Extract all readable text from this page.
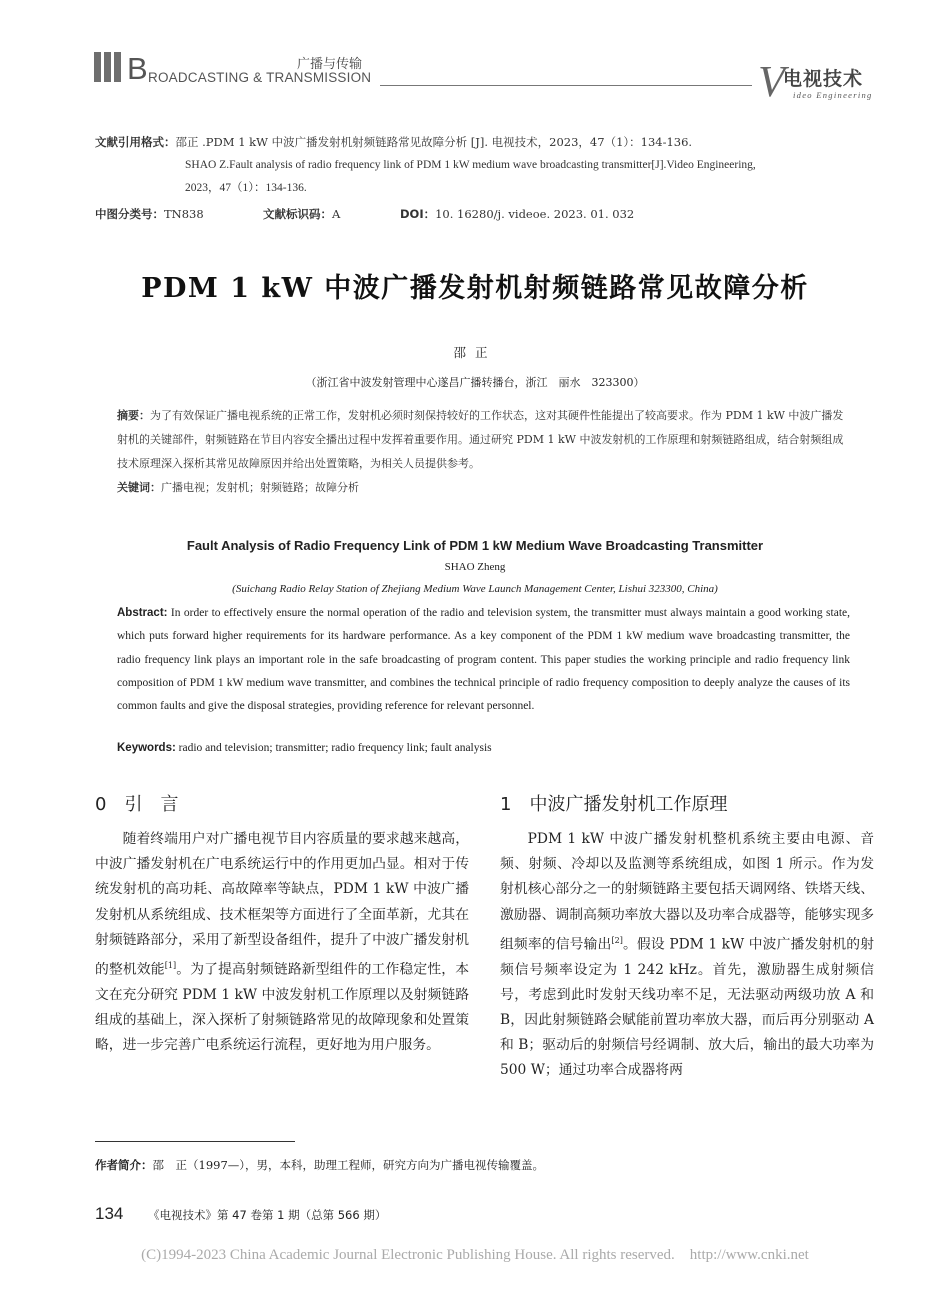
B ROADCASTING & TRANSMISSION
广播与传输	V
电视技术
ideo Engineering
文献引用格式：邵正 .PDM 1 kW 中波广播发射机射频链路常见故障分析 [J]. 电视技术，2023，47（1）：134-136.
SHAO Z.Fault analysis of radio frequency link of PDM 1 kW medium wave broadcasting transmitter[J].Video Engineering,
2023，47（1）：134-136.
中图分类号：TN838	文献标识码：A	DOI：10. 16280/j. videoe. 2023. 01. 032
PDM 1 kW 中波广播发射机射频链路常见故障分析
邵正
（浙江省中波发射管理中心遂昌广播转播台，浙江　丽水　323300）
摘要：为了有效保证广播电视系统的正常工作，发射机必须时刻保持较好的工作状态，这对其硬件性能提出了较高要求。作为 PDM 1 kW 中波广播发射机的关键部件，射频链路在节目内容安全播出过程中发挥着重要作用。通过研究 PDM 1 kW 中波发射机的工作原理和射频链路组成，结合射频组成技术原理深入探析其常见故障原因并给出处置策略，为相关人员提供参考。
关键词：广播电视；发射机；射频链路；故障分析
Fault Analysis of Radio Frequency Link of PDM 1 kW Medium Wave Broadcasting Transmitter
SHAO Zheng
(Suichang Radio Relay Station of Zhejiang Medium Wave Launch Management Center, Lishui 323300, China)
Abstract: In order to effectively ensure the normal operation of the radio and television system, the transmitter must always maintain a good working state, which puts forward higher requirements for its hardware performance. As a key component of the PDM 1 kW medium wave broadcasting transmitter, the radio frequency link plays an important role in the safe broadcasting of program content. This paper studies the working principle and radio frequency link composition of PDM 1 kW medium wave transmitter, and combines the technical principle of radio frequency composition to deeply analyze the causes of its common faults and give the disposal strategies, providing reference for relevant personnel.
Keywords: radio and television; transmitter; radio frequency link; fault analysis
0　引　言

随着终端用户对广播电视节目内容质量的要求越来越高，中波广播发射机在广电系统运行中的作用更加凸显。相对于传统发射机的高功耗、高故障率等缺点，PDM 1 kW 中波广播发射机从系统组成、技术框架等方面进行了全面革新，尤其在射频链路部分，采用了新型设备组件，提升了中波广播发射机的整机效能[1]。为了提高射频链路新型组件的工作稳定性，本文在充分研究 PDM 1 kW 中波发射机工作原理以及射频链路组成的基础上，深入探析了射频链路常见的故障现象和处置策略，进一步完善广电系统运行流程，更好地为用户服务。

1　中波广播发射机工作原理

PDM 1 kW 中波广播发射机整机系统主要由电源、音频、射频、冷却以及监测等系统组成，如图 1 所示。作为发射机核心部分之一的射频链路主要包括天调网络、铁塔天线、激励器、调制高频功率放大器以及功率合成器等，能够实现多组频率的信号输出[2]。假设 PDM 1 kW 中波广播发射机的射频信号频率设定为 1 242 kHz。首先，激励器生成射频信号，考虑到此时发射天线功率不足，无法驱动两级功放 A 和 B，因此射频链路会赋能前置功率放大器，而后再分别驱动 A 和 B；驱动后的射频信号经调制、放大后，输出的最大功率为 500 W；通过功率合成器将两

作者简介：邵　正（1997—），男，本科，助理工程师，研究方向为广播电视传输覆盖。
134 《电视技术》第 47 卷第 1 期（总第 566 期）
(C)1994-2023 China Academic Journal Electronic Publishing House. All rights reserved.　http://www.cnki.net
